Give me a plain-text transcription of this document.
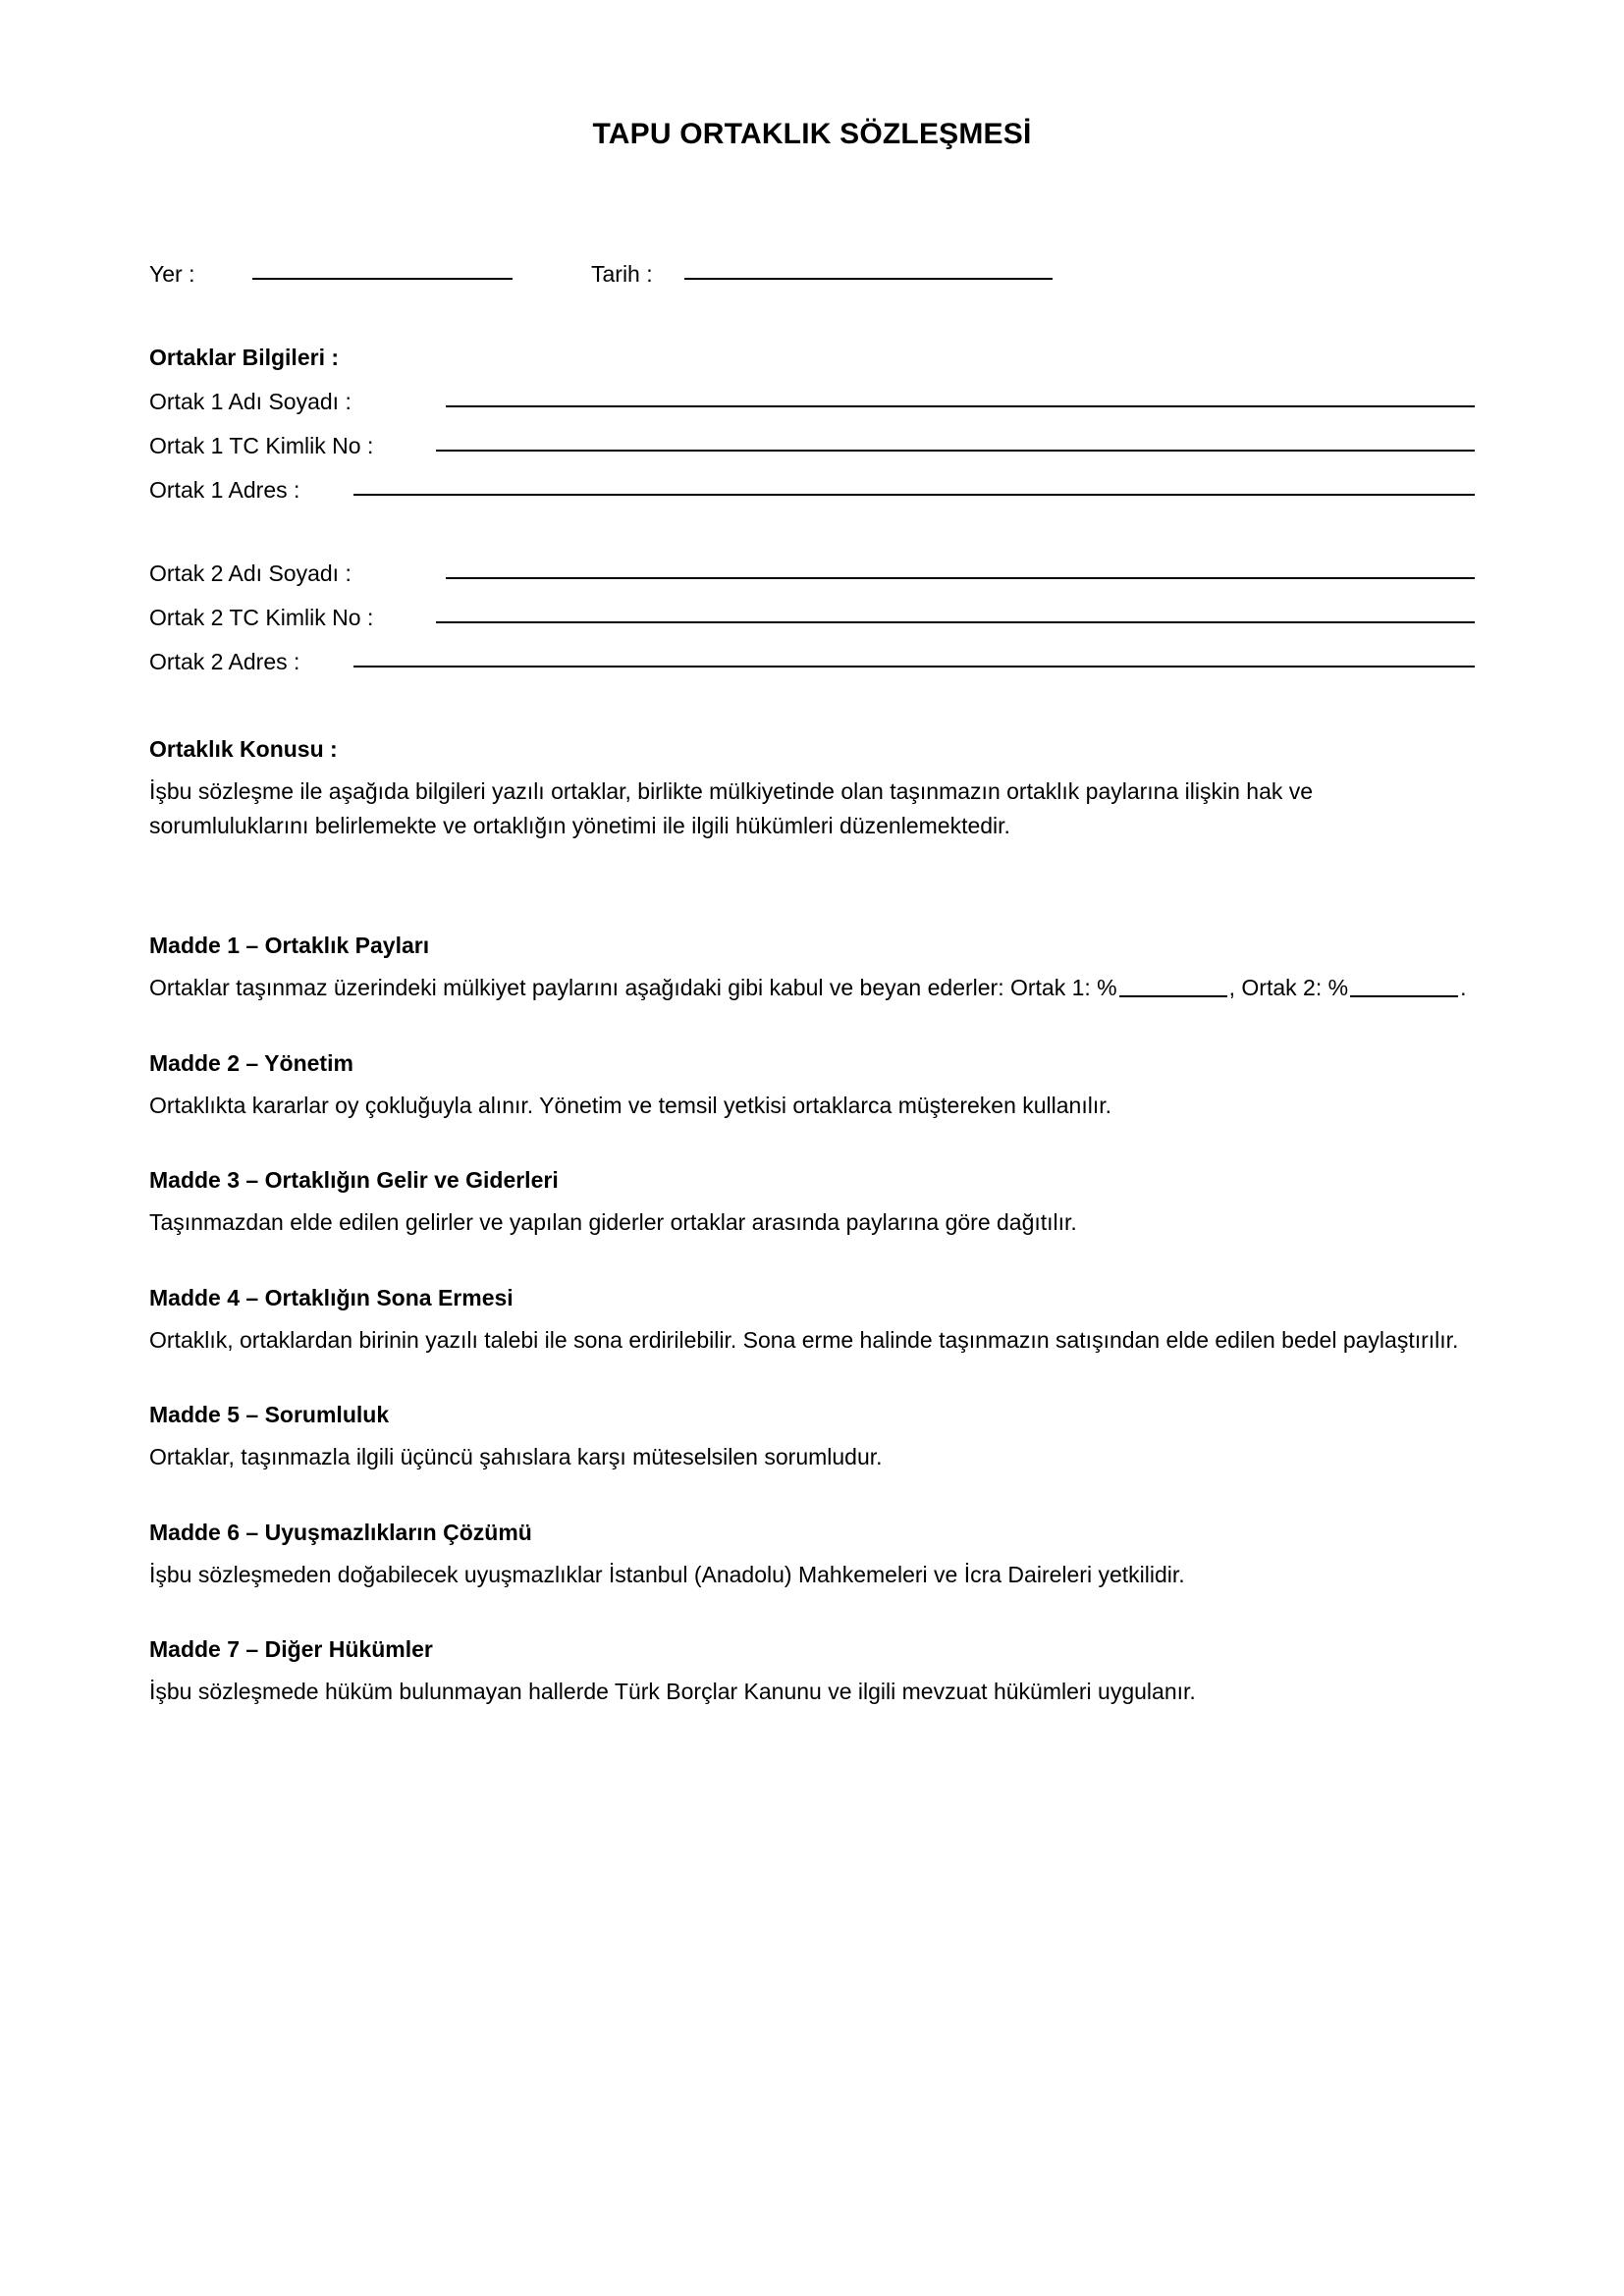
TAPU ORTAKLIK SÖZLEŞMESİ
Yer :	Tarih :
Ortaklar Bilgileri :
Ortak 1 Adı Soyadı :
Ortak 1 TC Kimlik No :
Ortak 1 Adres :
Ortak 2 Adı Soyadı :
Ortak 2 TC Kimlik No :
Ortak 2 Adres :
Ortaklık Konusu :
İşbu sözleşme ile aşağıda bilgileri yazılı ortaklar, birlikte mülkiyetinde olan taşınmazın ortaklık paylarına ilişkin hak ve sorumluluklarını belirlemekte ve ortaklığın yönetimi ile ilgili hükümleri düzenlemektedir.
Madde 1 – Ortaklık Payları
Ortaklar taşınmaz üzerindeki mülkiyet paylarını aşağıdaki gibi kabul ve beyan ederler: Ortak 1: %	, Ortak 2: %	.
Madde 2 – Yönetim
Ortaklıkta kararlar oy çokluğuyla alınır. Yönetim ve temsil yetkisi ortaklarca müştereken kullanılır.
Madde 3 – Ortaklığın Gelir ve Giderleri
Taşınmazdan elde edilen gelirler ve yapılan giderler ortaklar arasında paylarına göre dağıtılır.
Madde 4 – Ortaklığın Sona Ermesi
Ortaklık, ortaklardan birinin yazılı talebi ile sona erdirilebilir. Sona erme halinde taşınmazın satışından elde edilen bedel paylaştırılır.
Madde 5 – Sorumluluk
Ortaklar, taşınmazla ilgili üçüncü şahıslara karşı müteselsilen sorumludur.
Madde 6 – Uyuşmazlıkların Çözümü
İşbu sözleşmeden doğabilecek uyuşmazlıklar İstanbul (Anadolu) Mahkemeleri ve İcra Daireleri yetkilidir.
Madde 7 – Diğer Hükümler
İşbu sözleşmede hüküm bulunmayan hallerde Türk Borçlar Kanunu ve ilgili mevzuat hükümleri uygulanır.
